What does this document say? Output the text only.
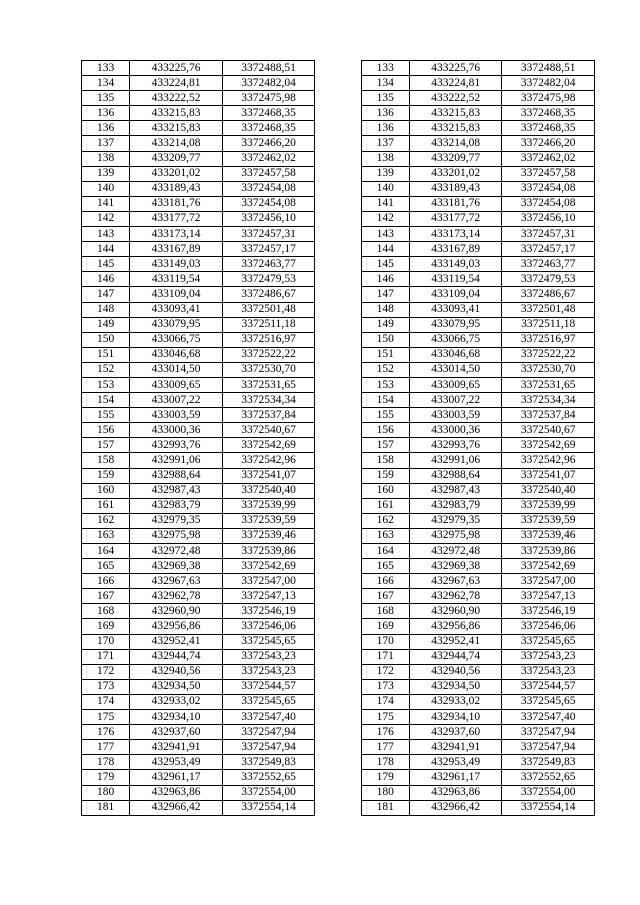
133	433225,76	3372488,51		133	433225,76	3372488,51
134	433224,81	3372482,04		134	433224,81	3372482,04
135	433222,52	3372475,98		135	433222,52	3372475,98
136	433215,83	3372468,35		136	433215,83	3372468,35
136	433215,83	3372468,35		136	433215,83	3372468,35
137	433214,08	3372466,20		137	433214,08	3372466,20
138	433209,77	3372462,02		138	433209,77	3372462,02
139	433201,02	3372457,58		139	433201,02	3372457,58
140	433189,43	3372454,08		140	433189,43	3372454,08
141	433181,76	3372454,08		141	433181,76	3372454,08
142	433177,72	3372456,10		142	433177,72	3372456,10
143	433173,14	3372457,31		143	433173,14	3372457,31
144	433167,89	3372457,17		144	433167,89	3372457,17
145	433149,03	3372463,77		145	433149,03	3372463,77
146	433119,54	3372479,53		146	433119,54	3372479,53
147	433109,04	3372486,67		147	433109,04	3372486,67
148	433093,41	3372501,48		148	433093,41	3372501,48
149	433079,95	3372511,18		149	433079,95	3372511,18
150	433066,75	3372516,97		150	433066,75	3372516,97
151	433046,68	3372522,22		151	433046,68	3372522,22
152	433014,50	3372530,70		152	433014,50	3372530,70
153	433009,65	3372531,65		153	433009,65	3372531,65
154	433007,22	3372534,34		154	433007,22	3372534,34
155	433003,59	3372537,84		155	433003,59	3372537,84
156	433000,36	3372540,67		156	433000,36	3372540,67
157	432993,76	3372542,69		157	432993,76	3372542,69
158	432991,06	3372542,96		158	432991,06	3372542,96
159	432988,64	3372541,07		159	432988,64	3372541,07
160	432987,43	3372540,40		160	432987,43	3372540,40
161	432983,79	3372539,99		161	432983,79	3372539,99
162	432979,35	3372539,59		162	432979,35	3372539,59
163	432975,98	3372539,46		163	432975,98	3372539,46
164	432972,48	3372539,86		164	432972,48	3372539,86
165	432969,38	3372542,69		165	432969,38	3372542,69
166	432967,63	3372547,00		166	432967,63	3372547,00
167	432962,78	3372547,13		167	432962,78	3372547,13
168	432960,90	3372546,19		168	432960,90	3372546,19
169	432956,86	3372546,06		169	432956,86	3372546,06
170	432952,41	3372545,65		170	432952,41	3372545,65
171	432944,74	3372543,23		171	432944,74	3372543,23
172	432940,56	3372543,23		172	432940,56	3372543,23
173	432934,50	3372544,57		173	432934,50	3372544,57
174	432933,02	3372545,65		174	432933,02	3372545,65
175	432934,10	3372547,40		175	432934,10	3372547,40
176	432937,60	3372547,94		176	432937,60	3372547,94
177	432941,91	3372547,94		177	432941,91	3372547,94
178	432953,49	3372549,83		178	432953,49	3372549,83
179	432961,17	3372552,65		179	432961,17	3372552,65
180	432963,86	3372554,00		180	432963,86	3372554,00
181	432966,42	3372554,14		181	432966,42	3372554,14
